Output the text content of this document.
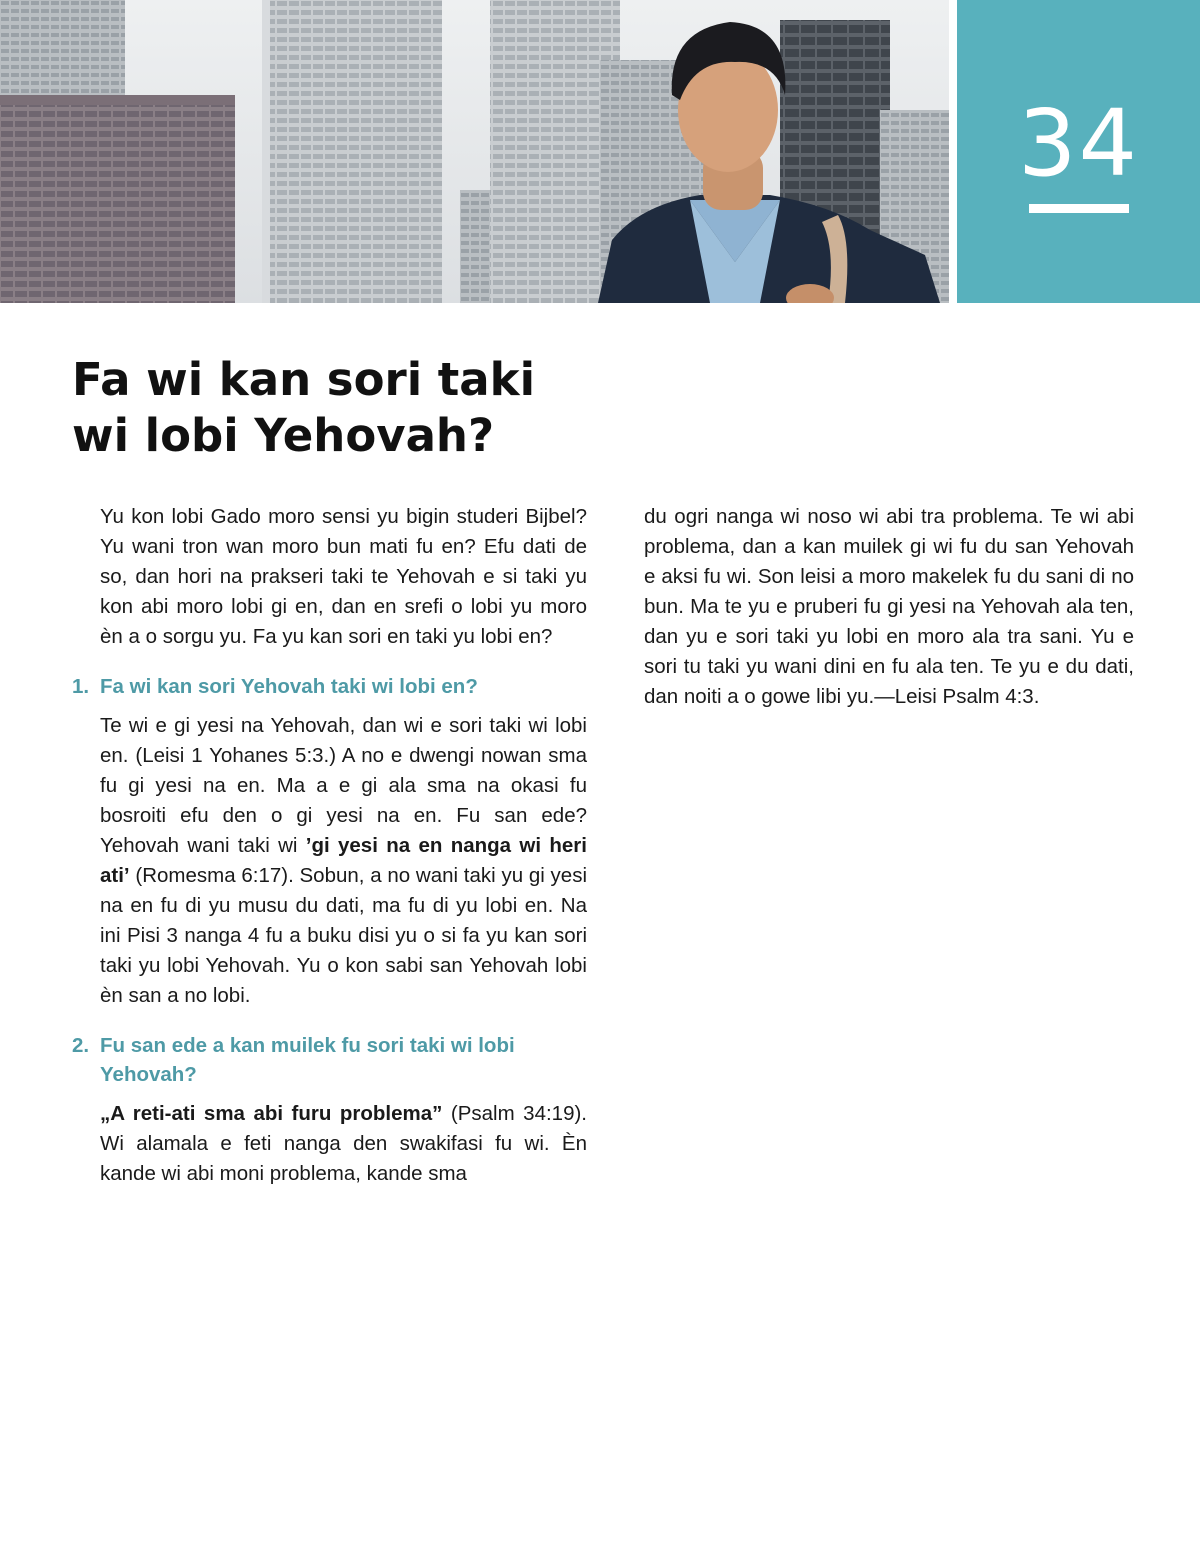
34
Fa wi kan sori taki
wi lobi Yehovah?

Yu kon lobi Gado moro sensi yu bigin studeri Bijbel? Yu wani tron wan moro bun mati fu en? Efu dati de so, dan hori na prakseri taki te Yehovah e si taki yu kon abi moro lobi gi en, dan en srefi o lobi yu moro èn a o sorgu yu. Fa yu kan sori en taki yu lobi en?

1. Fa wi kan sori Yehovah taki wi lobi en?

Te wi e gi yesi na Yehovah, dan wi e sori taki wi lobi en. (Leisi 1 Yohanes 5:3.) A no e dwengi nowan sma fu gi yesi na en. Ma a e gi ala sma na okasi fu bosroiti efu den o gi yesi na en. Fu san ede? Yehovah wani taki wi ’gi yesi na en nanga wi heri ati’ (Romesma 6:17). Sobun, a no wani taki yu gi yesi na en fu di yu musu du dati, ma fu di yu lobi en. Na ini Pisi 3 nanga 4 fu a buku disi yu o si fa yu kan sori taki yu lobi Yehovah. Yu o kon sabi san Yehovah lobi èn san a no lobi.

2. Fu san ede a kan muilek fu sori taki wi lobi Yehovah?

„A reti-ati sma abi furu problema” (Psalm 34:19). Wi alamala e feti nanga den swakifasi fu wi. Èn kande wi abi moni problema, kande sma

du ogri nanga wi noso wi abi tra problema. Te wi abi problema, dan a kan muilek gi wi fu du san Yehovah e aksi fu wi. Son leisi a moro makelek fu du sani di no bun. Ma te yu e pruberi fu gi yesi na Yehovah ala ten, dan yu e sori taki yu lobi en moro ala tra sani. Yu e sori tu taki yu wani dini en fu ala ten. Te yu e du dati, dan noiti a o gowe libi yu.—Leisi Psalm 4:3.
